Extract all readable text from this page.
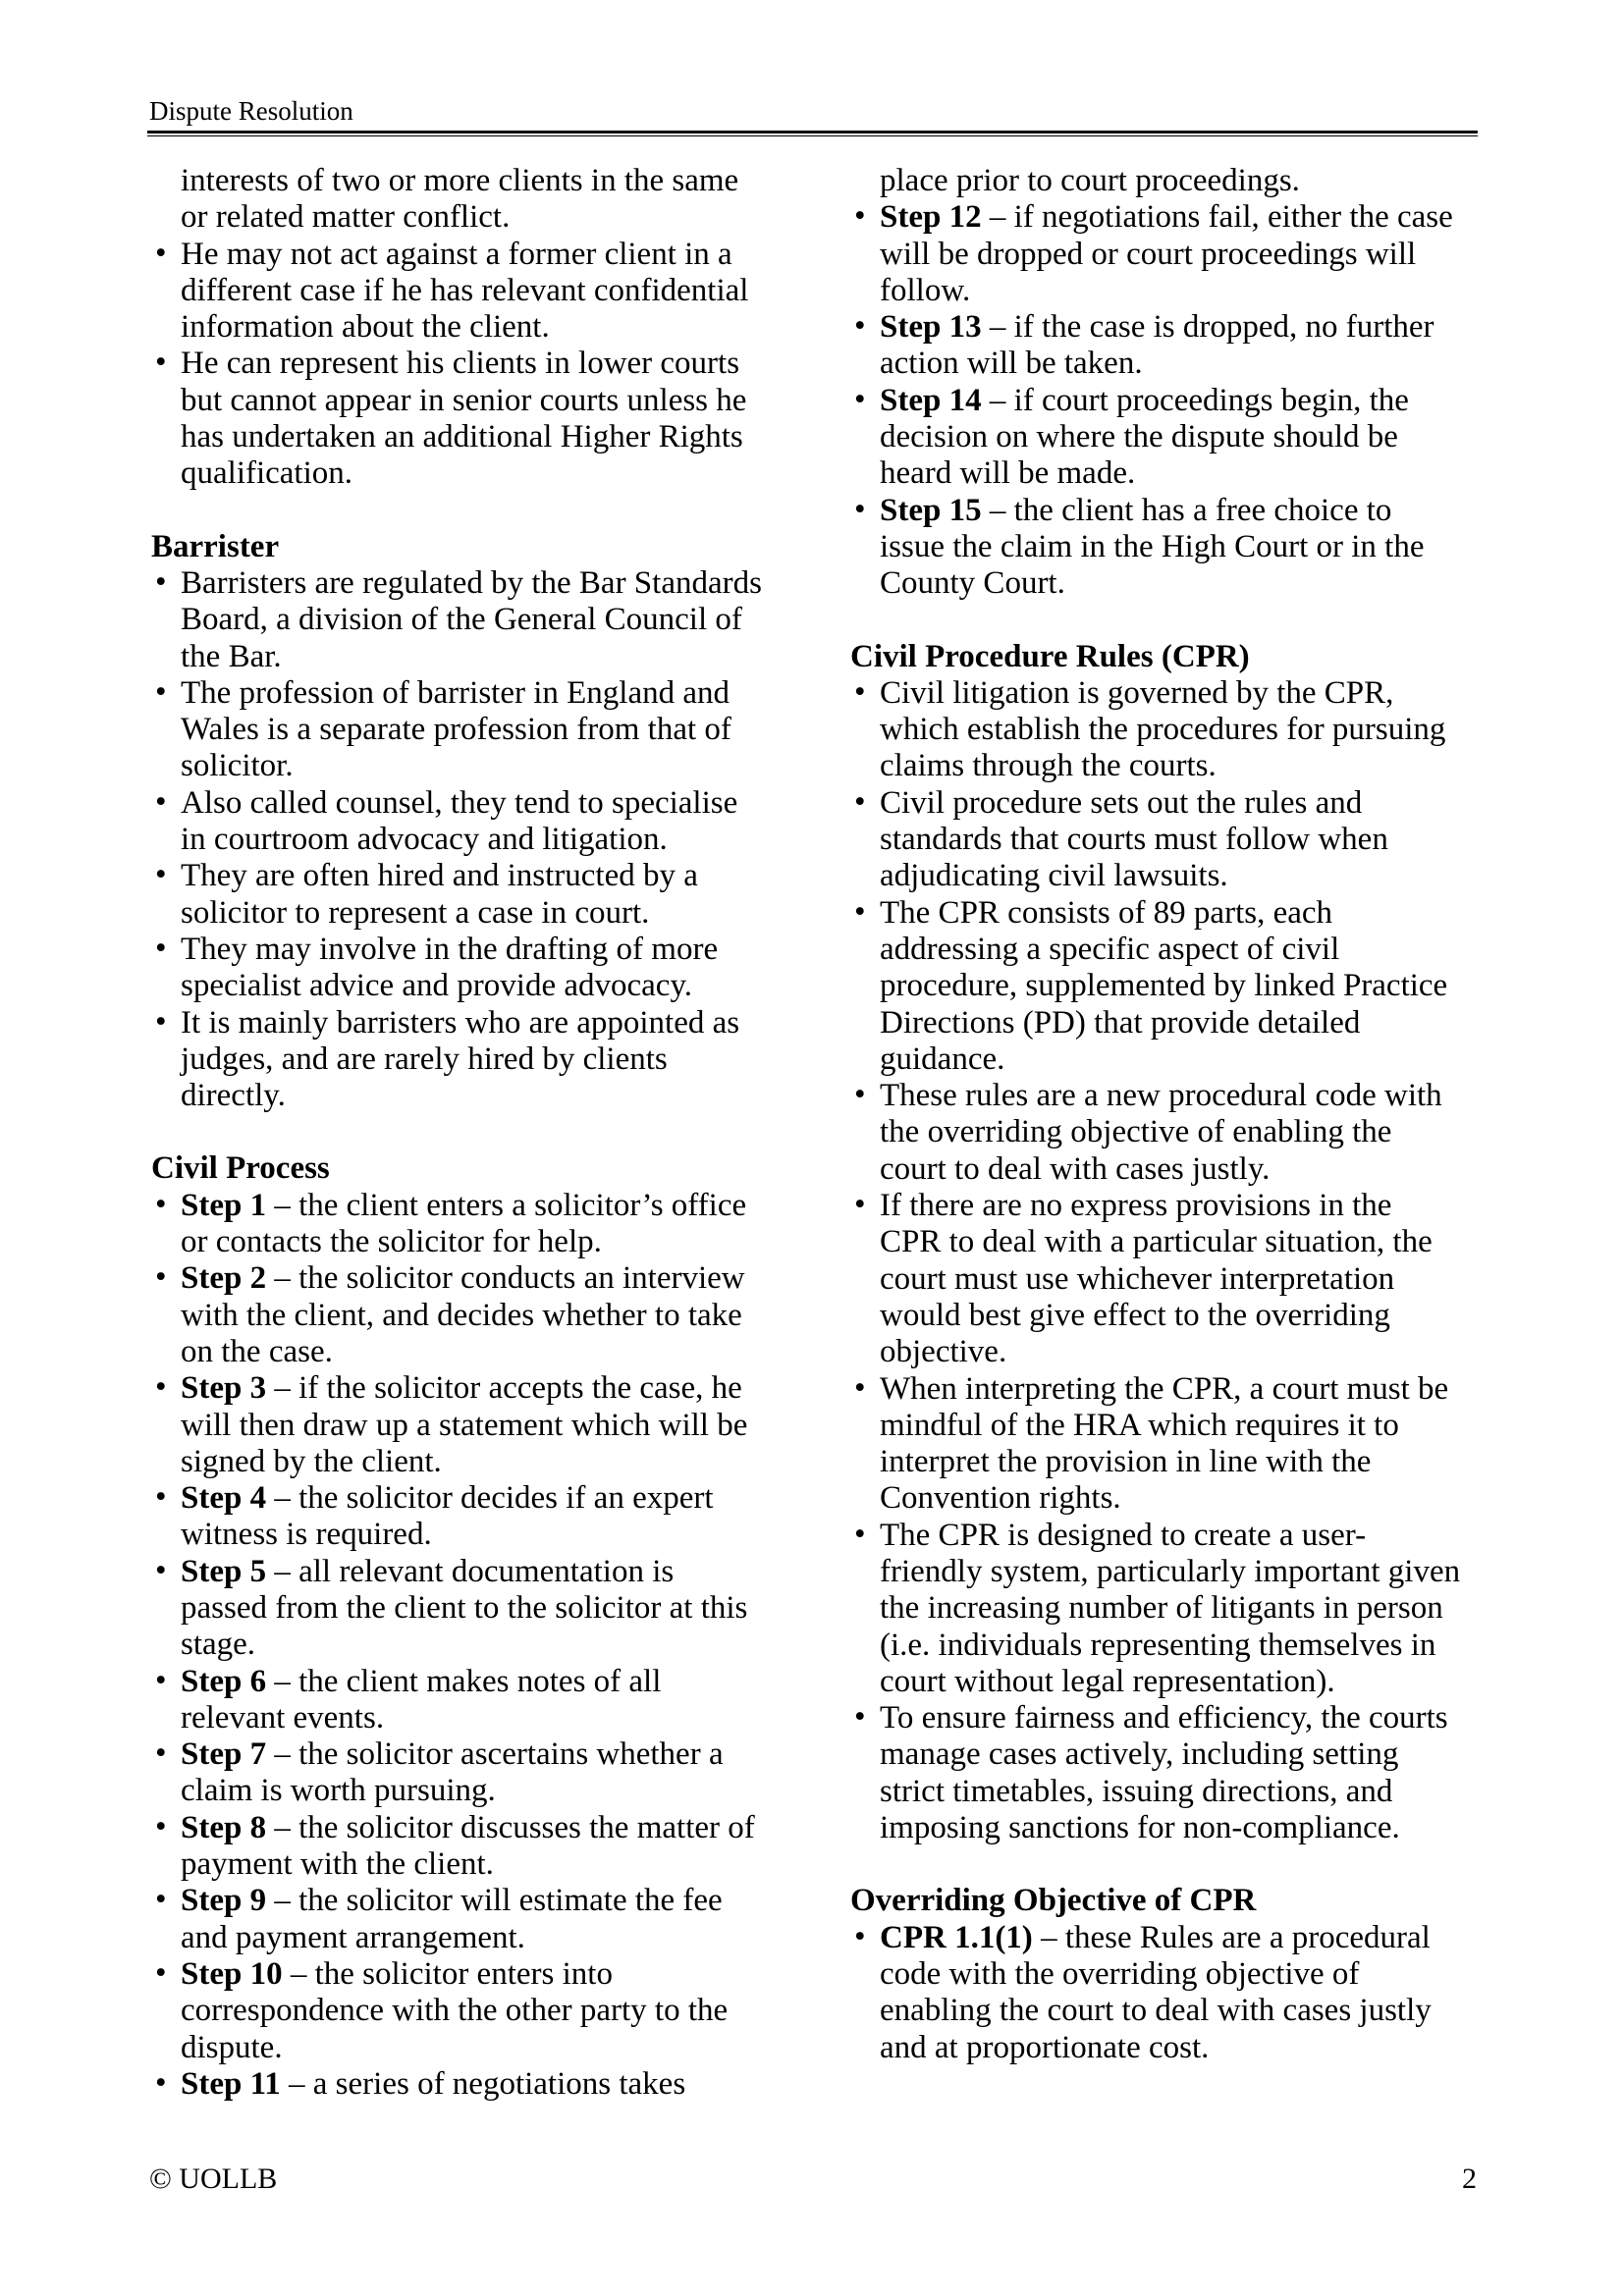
Dispute Resolution
interests of two or more clients in the same or related matter conflict.
• He may not act against a former client in a different case if he has relevant confidential information about the client.
• He can represent his clients in lower courts but cannot appear in senior courts unless he has undertaken an additional Higher Rights qualification.
Barrister
• Barristers are regulated by the Bar Standards Board, a division of the General Council of the Bar.
• The profession of barrister in England and Wales is a separate profession from that of solicitor.
• Also called counsel, they tend to specialise in courtroom advocacy and litigation.
• They are often hired and instructed by a solicitor to represent a case in court.
• They may involve in the drafting of more specialist advice and provide advocacy.
• It is mainly barristers who are appointed as judges, and are rarely hired by clients directly.
Civil Process
• Step 1 – the client enters a solicitor’s office or contacts the solicitor for help.
• Step 2 – the solicitor conducts an interview with the client, and decides whether to take on the case.
• Step 3 – if the solicitor accepts the case, he will then draw up a statement which will be signed by the client.
• Step 4 – the solicitor decides if an expert witness is required.
• Step 5 – all relevant documentation is passed from the client to the solicitor at this stage.
• Step 6 – the client makes notes of all relevant events.
• Step 7 – the solicitor ascertains whether a claim is worth pursuing.
• Step 8 – the solicitor discusses the matter of payment with the client.
• Step 9 – the solicitor will estimate the fee and payment arrangement.
• Step 10 – the solicitor enters into correspondence with the other party to the dispute.
• Step 11 – a series of negotiations takes
place prior to court proceedings.
• Step 12 – if negotiations fail, either the case will be dropped or court proceedings will follow.
• Step 13 – if the case is dropped, no further action will be taken.
• Step 14 – if court proceedings begin, the decision on where the dispute should be heard will be made.
• Step 15 – the client has a free choice to issue the claim in the High Court or in the County Court.
Civil Procedure Rules (CPR)
• Civil litigation is governed by the CPR, which establish the procedures for pursuing claims through the courts.
• Civil procedure sets out the rules and standards that courts must follow when adjudicating civil lawsuits.
• The CPR consists of 89 parts, each addressing a specific aspect of civil procedure, supplemented by linked Practice Directions (PD) that provide detailed guidance.
• These rules are a new procedural code with the overriding objective of enabling the court to deal with cases justly.
• If there are no express provisions in the CPR to deal with a particular situation, the court must use whichever interpretation would best give effect to the overriding objective.
• When interpreting the CPR, a court must be mindful of the HRA which requires it to interpret the provision in line with the Convention rights.
• The CPR is designed to create a user-friendly system, particularly important given the increasing number of litigants in person (i.e. individuals representing themselves in court without legal representation).
• To ensure fairness and efficiency, the courts manage cases actively, including setting strict timetables, issuing directions, and imposing sanctions for non-compliance.
Overriding Objective of CPR
• CPR 1.1(1) – these Rules are a procedural code with the overriding objective of enabling the court to deal with cases justly and at proportionate cost.
© UOLLB	2
